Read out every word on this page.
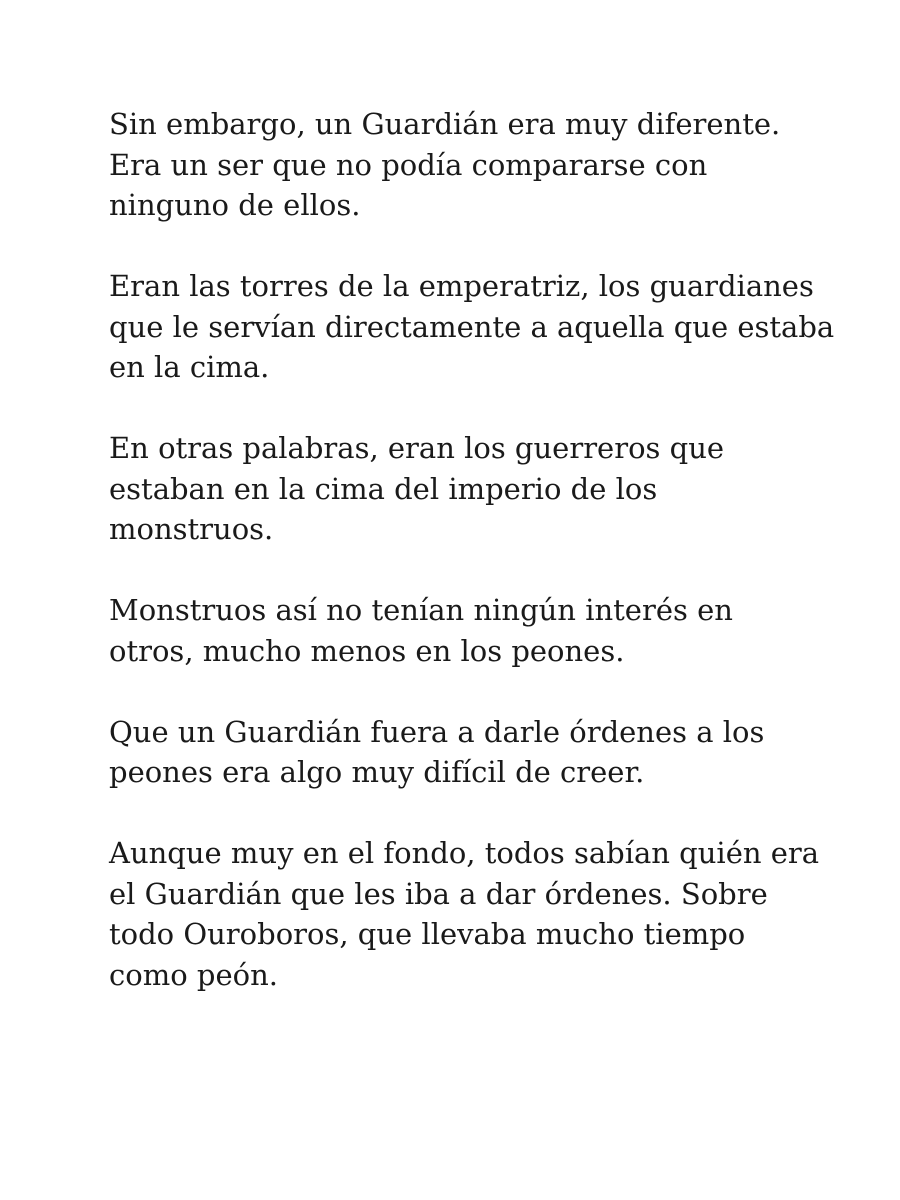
Sin embargo, un Guardián era muy diferente.
Era un ser que no podía compararse con
ninguno de ellos.

Eran las torres de la emperatriz, los guardianes
que le servían directamente a aquella que estaba
en la cima.

En otras palabras, eran los guerreros que
estaban en la cima del imperio de los
monstruos.

Monstruos así no tenían ningún interés en
otros, mucho menos en los peones.

Que un Guardián fuera a darle órdenes a los
peones era algo muy difícil de creer.

Aunque muy en el fondo, todos sabían quién era
el Guardián que les iba a dar órdenes. Sobre
todo Ouroboros, que llevaba mucho tiempo
como peón.
